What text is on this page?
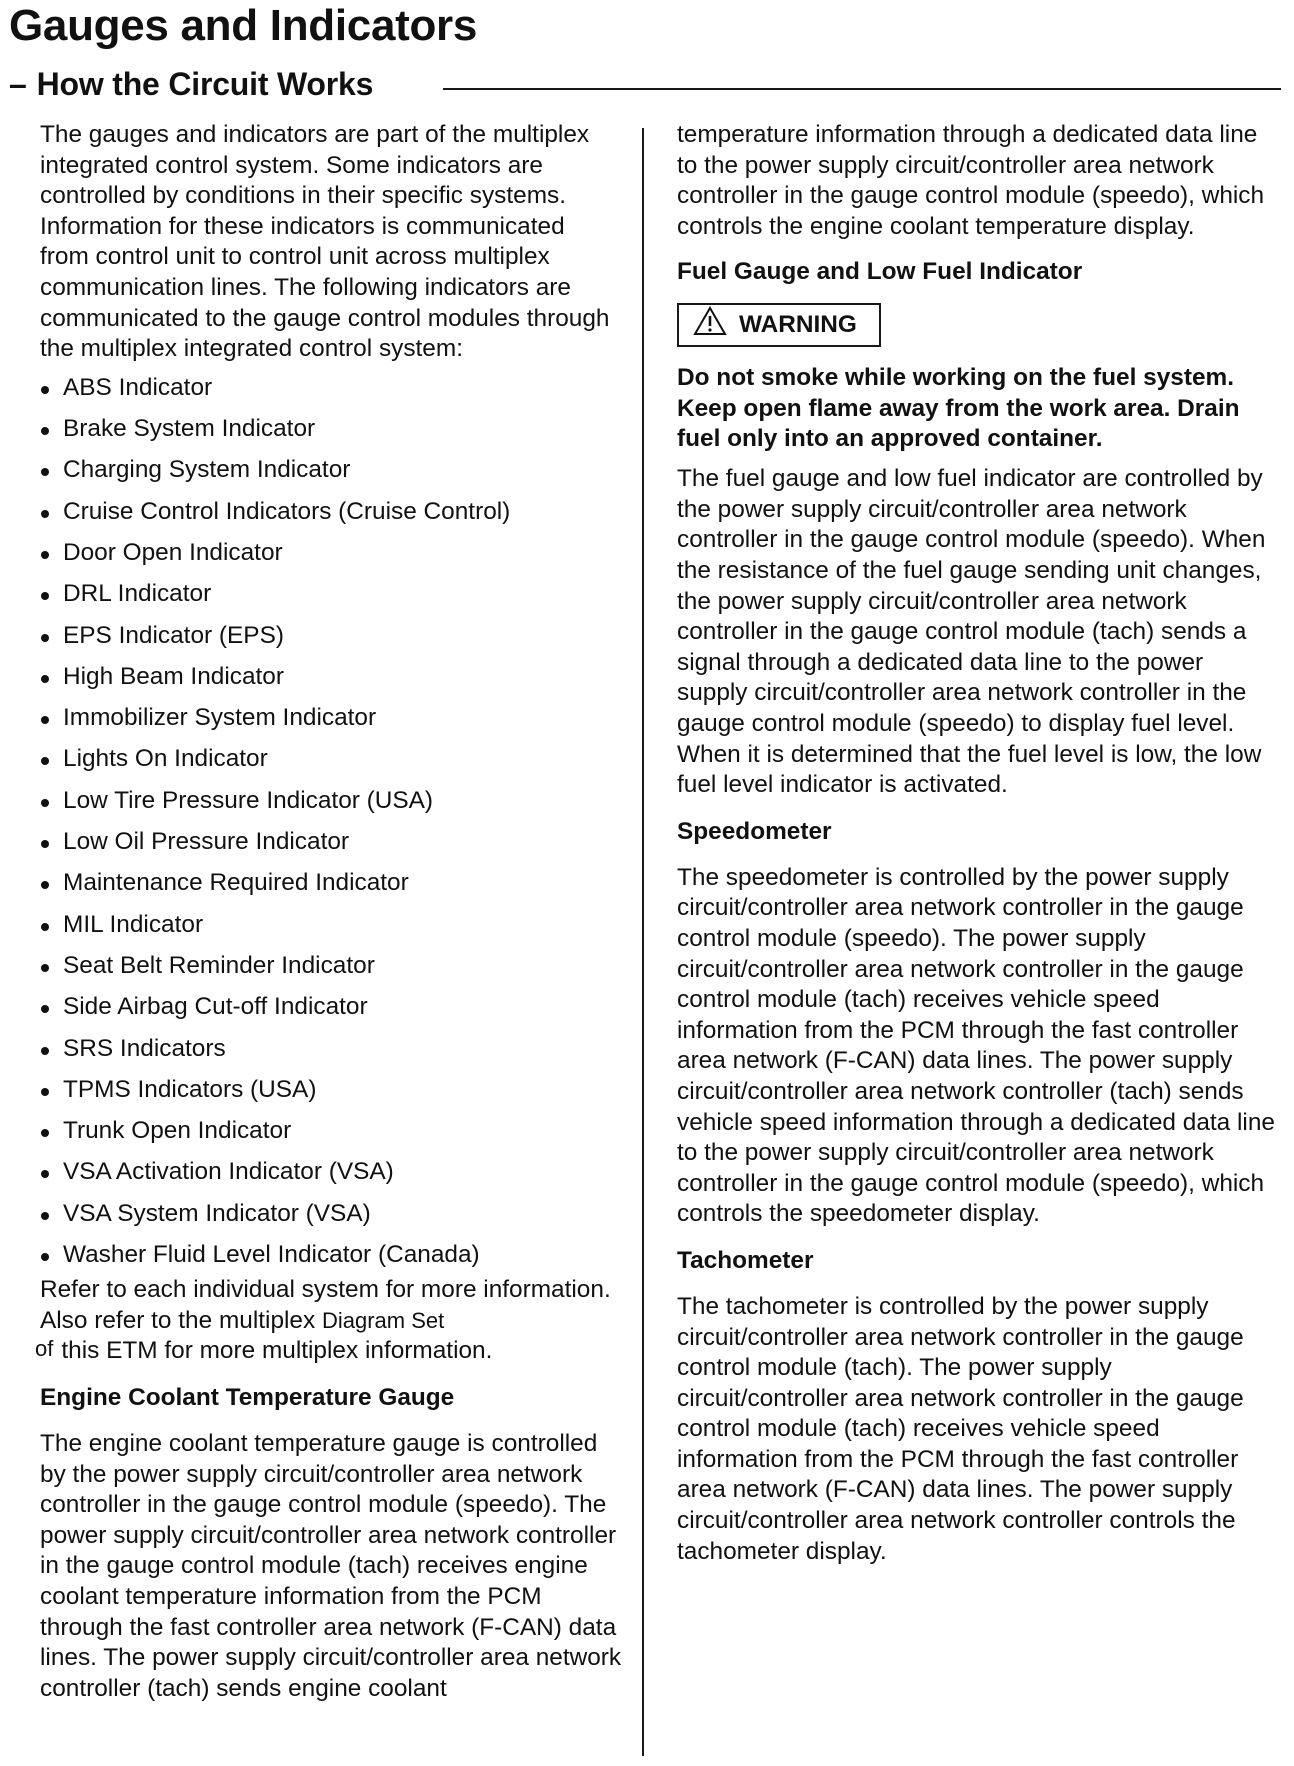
Gauges and Indicators
– How the Circuit Works

The gauges and indicators are part of the multiplex integrated control system. Some indicators are controlled by conditions in their specific systems. Information for these indicators is communicated from control unit to control unit across multiplex communication lines. The following indicators are communicated to the gauge control modules through the multiplex integrated control system:

ABS Indicator
Brake System Indicator
Charging System Indicator
Cruise Control Indicators (Cruise Control)
Door Open Indicator
DRL Indicator
EPS Indicator (EPS)
High Beam Indicator
Immobilizer System Indicator
Lights On Indicator
Low Tire Pressure Indicator (USA)
Low Oil Pressure Indicator
Maintenance Required Indicator
MIL Indicator
Seat Belt Reminder Indicator
Side Airbag Cut-off Indicator
SRS Indicators
TPMS Indicators (USA)
Trunk Open Indicator
VSA Activation Indicator (VSA)
VSA System Indicator (VSA)
Washer Fluid Level Indicator (Canada)

Refer to each individual system for more information. Also refer to the multiplex Diagram Set
of this ETM for more multiplex information.

Engine Coolant Temperature Gauge

The engine coolant temperature gauge is controlled by the power supply circuit/controller area network controller in the gauge control module (speedo). The power supply circuit/controller area network controller in the gauge control module (tach) receives engine coolant temperature information from the PCM through the fast controller area network (F-CAN) data lines. The power supply circuit/controller area network controller (tach) sends engine coolant

temperature information through a dedicated data line to the power supply circuit/controller area network controller in the gauge control module (speedo), which controls the engine coolant temperature display.

Fuel Gauge and Low Fuel Indicator
WARNING

Do not smoke while working on the fuel system. Keep open flame away from the work area. Drain fuel only into an approved container.

The fuel gauge and low fuel indicator are controlled by the power supply circuit/controller area network controller in the gauge control module (speedo). When the resistance of the fuel gauge sending unit changes, the power supply circuit/controller area network controller in the gauge control module (tach) sends a signal through a dedicated data line to the power supply circuit/controller area network controller in the gauge control module (speedo) to display fuel level. When it is determined that the fuel level is low, the low fuel level indicator is activated.

Speedometer

The speedometer is controlled by the power supply circuit/controller area network controller in the gauge control module (speedo). The power supply circuit/controller area network controller in the gauge control module (tach) receives vehicle speed information from the PCM through the fast controller area network (F-CAN) data lines. The power supply circuit/controller area network controller (tach) sends vehicle speed information through a dedicated data line to the power supply circuit/controller area network controller in the gauge control module (speedo), which controls the speedometer display.

Tachometer

The tachometer is controlled by the power supply circuit/controller area network controller in the gauge control module (tach). The power supply circuit/controller area network controller in the gauge control module (tach) receives vehicle speed information from the PCM through the fast controller area network (F-CAN) data lines. The power supply circuit/controller area network controller controls the tachometer display.
